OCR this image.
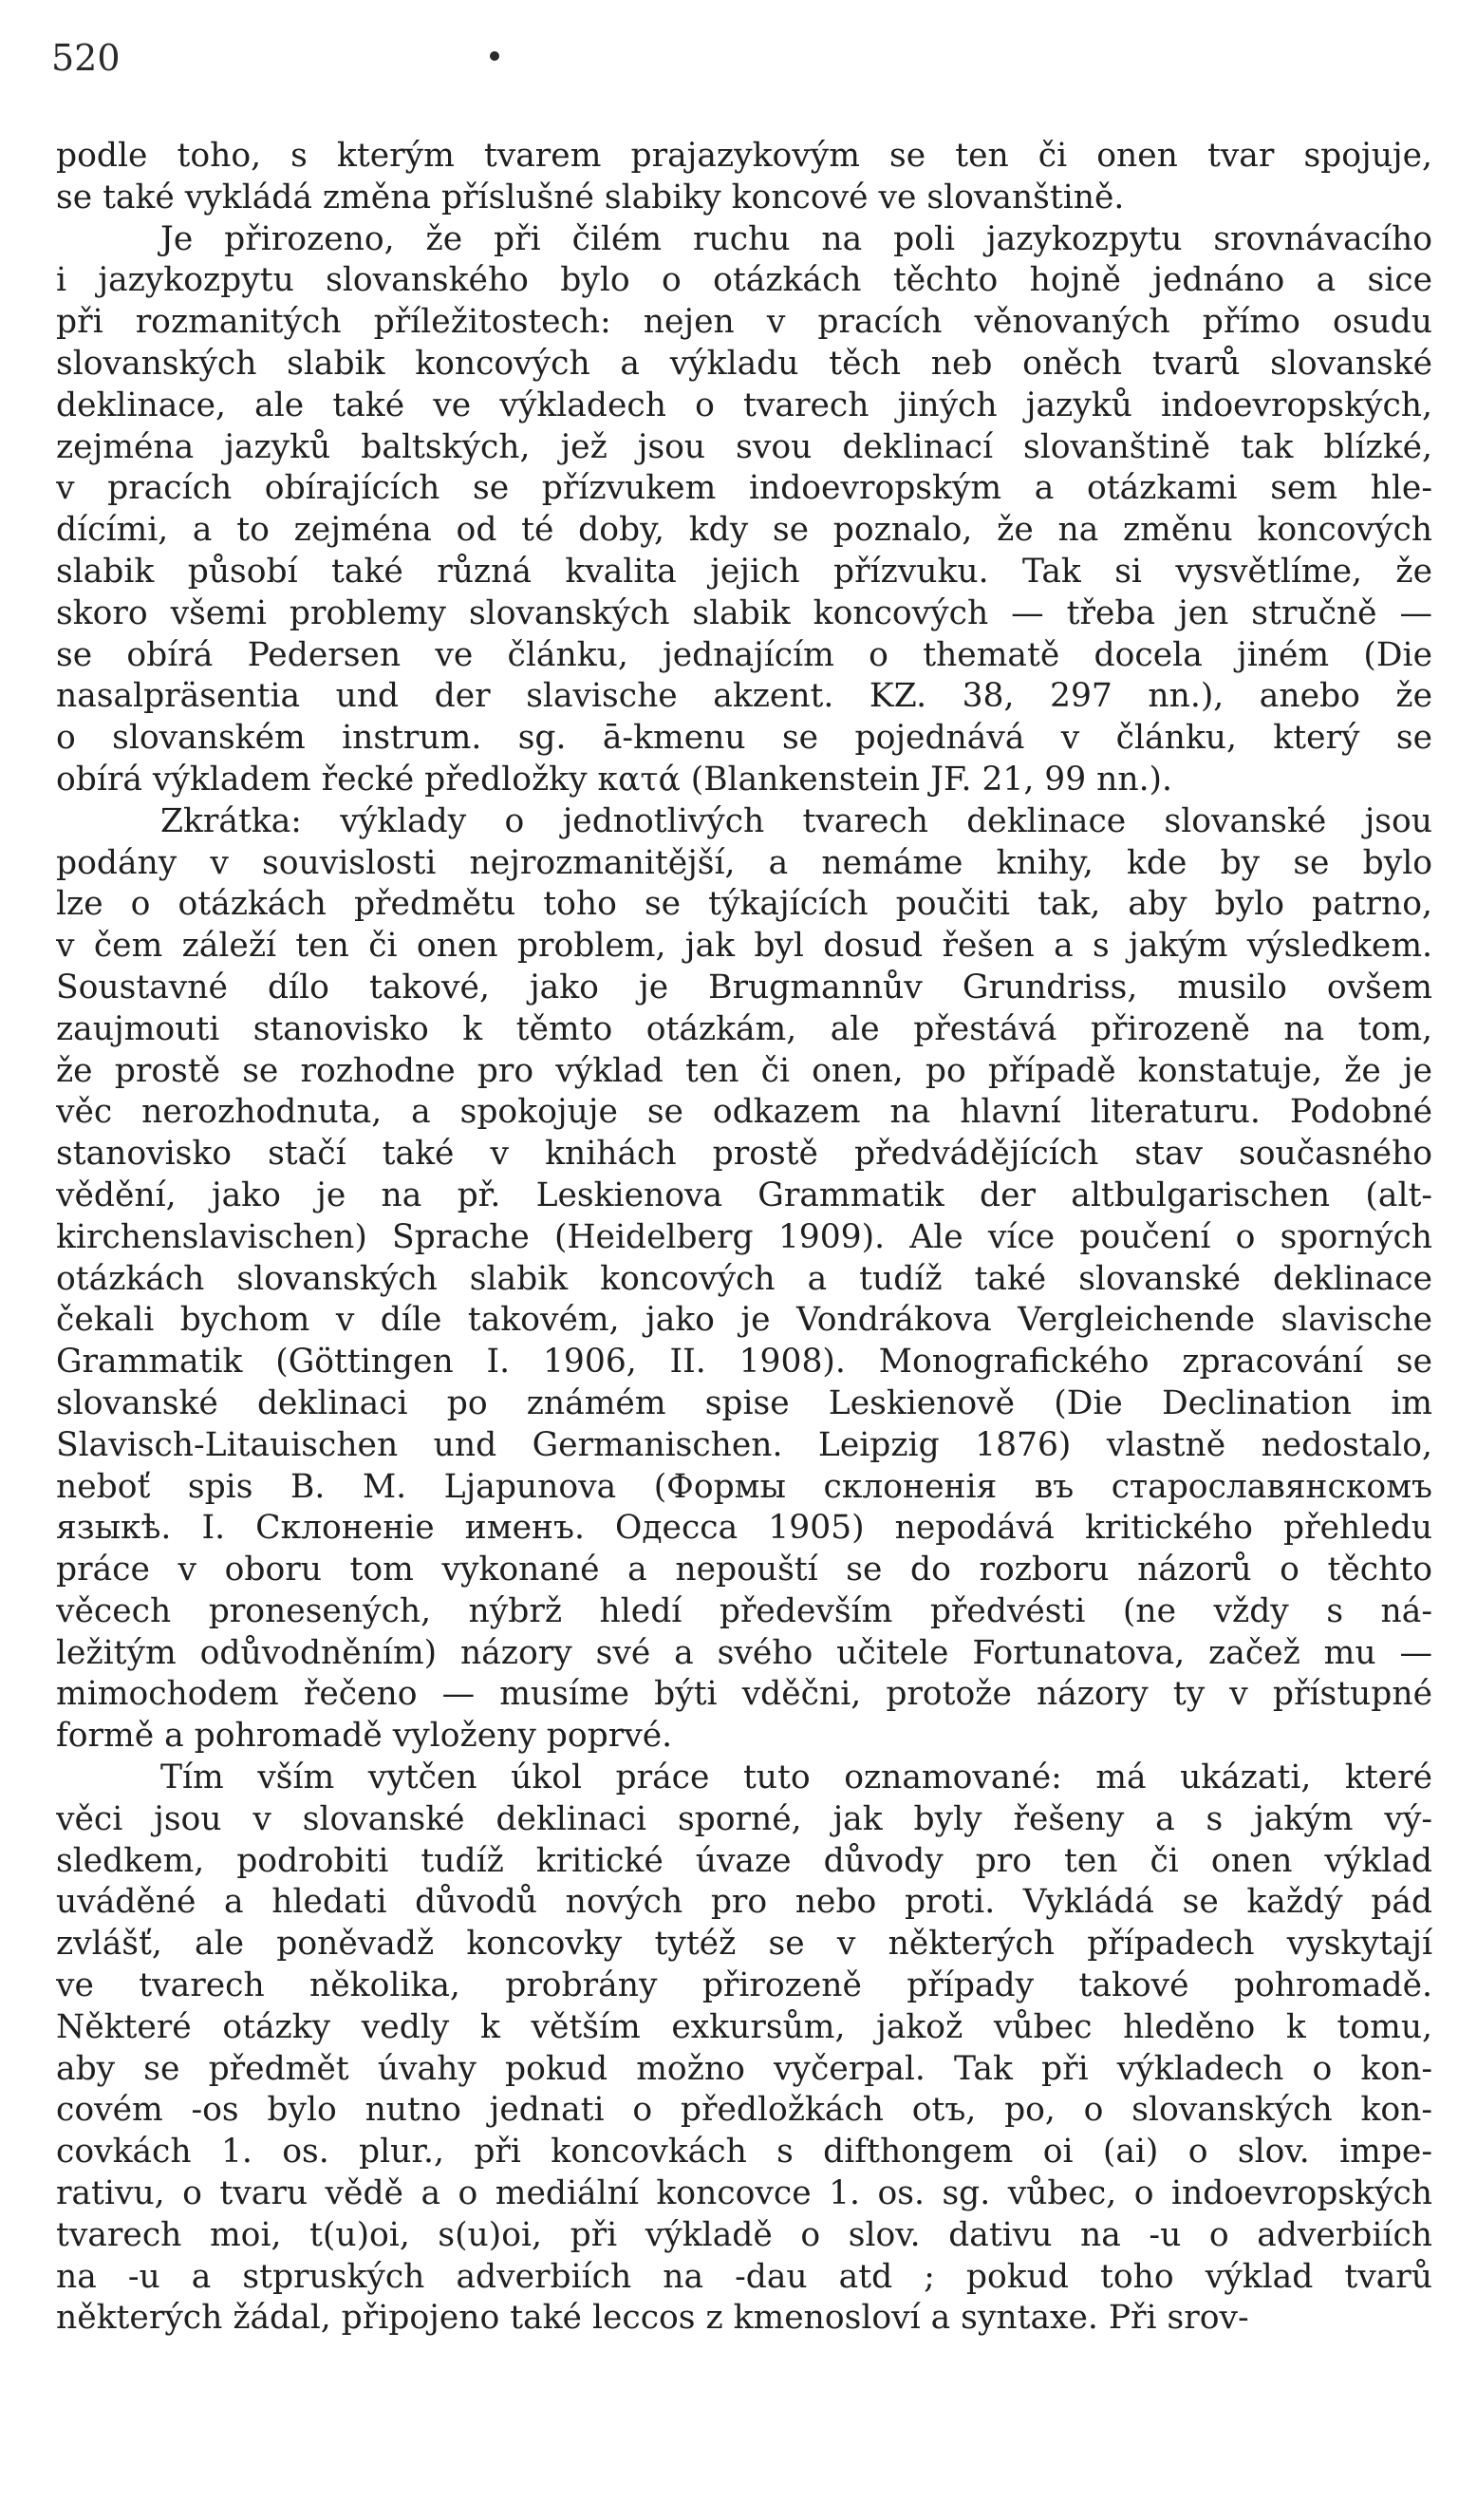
520
podle toho, s kterým tvarem prajazykovým se ten či onen tvar spojuje,
se také vykládá změna příslušné slabiky koncové ve slovanštině.
Je přirozeno, že při čilém ruchu na poli jazykozpytu srovnávacího
i jazykozpytu slovanského bylo o otázkách těchto hojně jednáno a sice
při rozmanitých příležitostech: nejen v pracích věnovaných přímo osudu
slovanských slabik koncových a výkladu těch neb oněch tvarů slovanské
deklinace, ale také ve výkladech o tvarech jiných jazyků indoevropských,
zejména jazyků baltských, jež jsou svou deklinací slovanštině tak blízké,
v pracích obírajících se přízvukem indoevropským a otázkami sem hle-
dícími, a to zejména od té doby, kdy se poznalo, že na změnu koncových
slabik působí také různá kvalita jejich přízvuku. Tak si vysvětlíme, že
skoro všemi problemy slovanských slabik koncových — třeba jen stručně —
se obírá Pedersen ve článku, jednajícím o thematě docela jiném (Die
nasalpräsentia und der slavische akzent. KZ. 38, 297 nn.), anebo že
o slovanském instrum. sg. ā-kmenu se pojednává v článku, který se
obírá výkladem řecké předložky κατά (Blankenstein JF. 21, 99 nn.).
Zkrátka: výklady o jednotlivých tvarech deklinace slovanské jsou
podány v souvislosti nejrozmanitější, a nemáme knihy, kde by se bylo
lze o otázkách předmětu toho se týkajících poučiti tak, aby bylo patrno,
v čem záleží ten či onen problem, jak byl dosud řešen a s jakým výsledkem.
Soustavné dílo takové, jako je Brugmannův Grundriss, musilo ovšem
zaujmouti stanovisko k těmto otázkám, ale přestává přirozeně na tom,
že prostě se rozhodne pro výklad ten či onen, po případě konstatuje, že je
věc nerozhodnuta, a spokojuje se odkazem na hlavní literaturu. Podobné
stanovisko stačí také v knihách prostě předvádějících stav současného
vědění, jako je na př. Leskienova Grammatik der altbulgarischen (alt-
kirchenslavischen) Sprache (Heidelberg 1909). Ale více poučení o sporných
otázkách slovanských slabik koncových a tudíž také slovanské deklinace
čekali bychom v díle takovém, jako je Vondrákova Vergleichende slavische
Grammatik (Göttingen I. 1906, II. 1908). Monografického zpracování se
slovanské deklinaci po známém spise Leskienově (Die Declination im
Slavisch-Litauischen und Germanischen. Leipzig 1876) vlastně nedostalo,
neboť spis B. M. Ljapunova (Формы склоненія въ старославянскомъ
языкѣ. I. Склоненіе именъ. Одесса 1905) nepodává kritického přehledu
práce v oboru tom vykonané a nepouští se do rozboru názorů o těchto
věcech pronesených, nýbrž hledí především předvésti (ne vždy s ná-
ležitým odůvodněním) názory své a svého učitele Fortunatova, začež mu —
mimochodem řečeno — musíme býti vděčni, protože názory ty v přístupné
formě a pohromadě vyloženy poprvé.
Tím vším vytčen úkol práce tuto oznamované: má ukázati, které
věci jsou v slovanské deklinaci sporné, jak byly řešeny a s jakým vý-
sledkem, podrobiti tudíž kritické úvaze důvody pro ten či onen výklad
uváděné a hledati důvodů nových pro nebo proti. Vykládá se každý pád
zvlášť, ale poněvadž koncovky tytéž se v některých případech vyskytají
ve tvarech několika, probrány přirozeně případy takové pohromadě.
Některé otázky vedly k větším exkursům, jakož vůbec hleděno k tomu,
aby se předmět úvahy pokud možno vyčerpal. Tak při výkladech o kon-
covém -os bylo nutno jednati o předložkách otъ, po, o slovanských kon-
covkách 1. os. plur., při koncovkách s difthongem oi (ai) o slov. impe-
rativu, o tvaru vědě a o mediální koncovce 1. os. sg. vůbec, o indoevropských
tvarech moi, t(u)oi, s(u)oi, při výkladě o slov. dativu na -u o adverbiích
na -u a stpruských adverbiích na -dau atd ; pokud toho výklad tvarů
některých žádal, připojeno také leccos z kmenosloví a syntaxe. Při srov-
